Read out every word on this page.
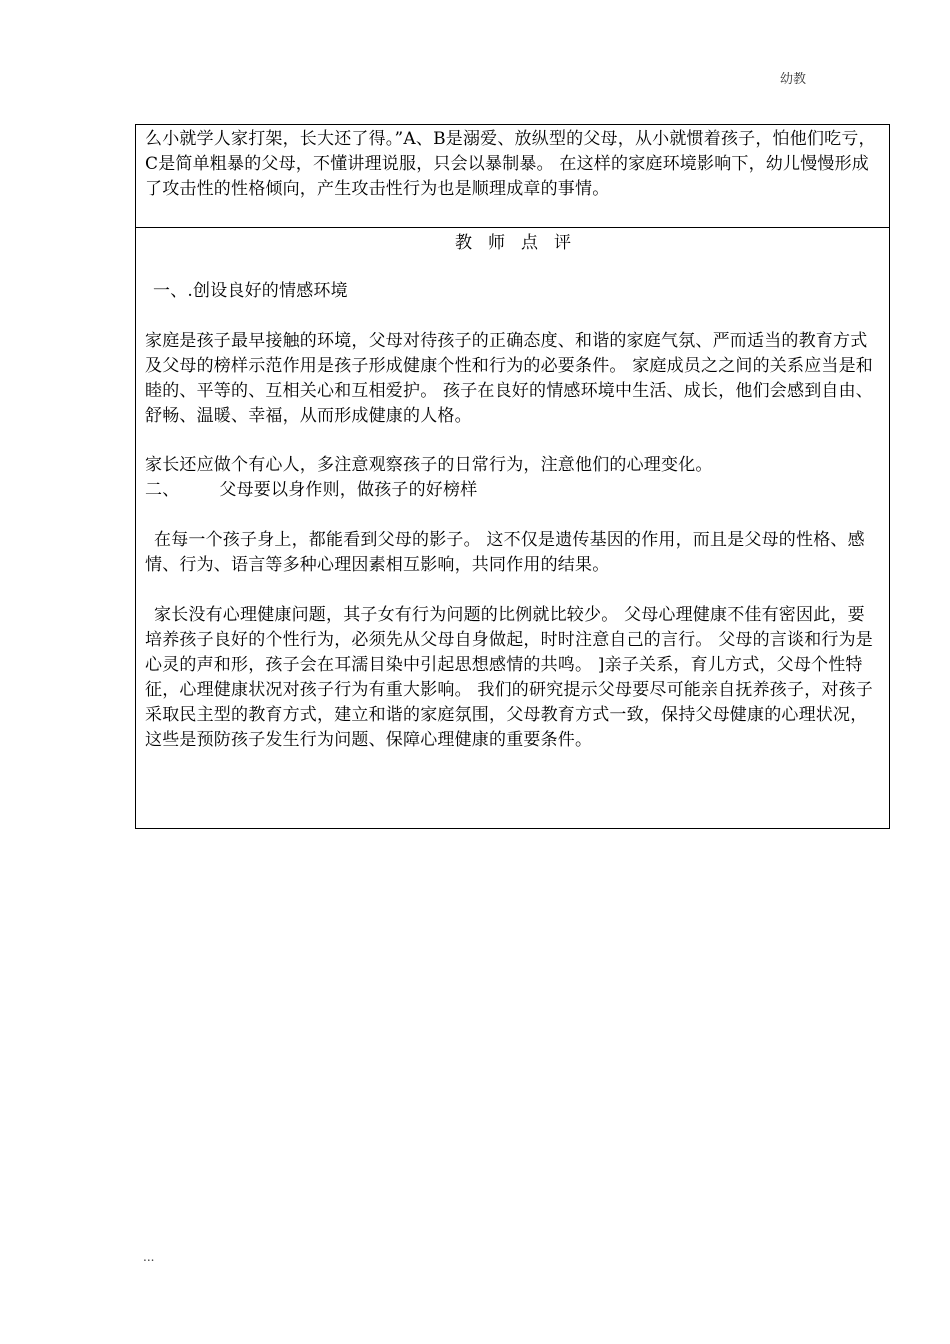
幼教

么小就学人家打架，长大还了得。”A、B是溺爱、放纵型的父母，从小就惯着孩子，怕他们吃亏，C是简单粗暴的父母，不懂讲理说服，只会以暴制暴。 在这样的家庭环境影响下，幼儿慢慢形成了攻击性的性格倾向，产生攻击性行为也是顺理成章的事情。

教师点评

一、.创设良好的情感环境

家庭是孩子最早接触的环境，父母对待孩子的正确态度、和谐的家庭气氛、严而适当的教育方式及父母的榜样示范作用是孩子形成健康个性和行为的必要条件。 家庭成员之之间的关系应当是和睦的、平等的、互相关心和互相爱护。 孩子在良好的情感环境中生活、成长，他们会感到自由、舒畅、温暖、幸福，从而形成健康的人格。

家长还应做个有心人，多注意观察孩子的日常行为，注意他们的心理变化。

二、 父母要以身作则，做孩子的好榜样

在每一个孩子身上，都能看到父母的影子。 这不仅是遗传基因的作用，而且是父母的性格、感情、行为、语言等多种心理因素相互影响，共同作用的结果。

家长没有心理健康问题，其子女有行为问题的比例就比较少。 父母心理健康不佳有密因此，要培养孩子良好的个性行为，必须先从父母自身做起，时时注意自己的言行。 父母的言谈和行为是心灵的声和形，孩子会在耳濡目染中引起思想感情的共鸣。 ]亲子关系，育儿方式，父母个性特征，心理健康状况对孩子行为有重大影响。 我们的研究提示父母要尽可能亲自抚养孩子，对孩子采取民主型的教育方式，建立和谐的家庭氛围，父母教育方式一致，保持父母健康的心理状况，这些是预防孩子发生行为问题、保障心理健康的重要条件。

...
